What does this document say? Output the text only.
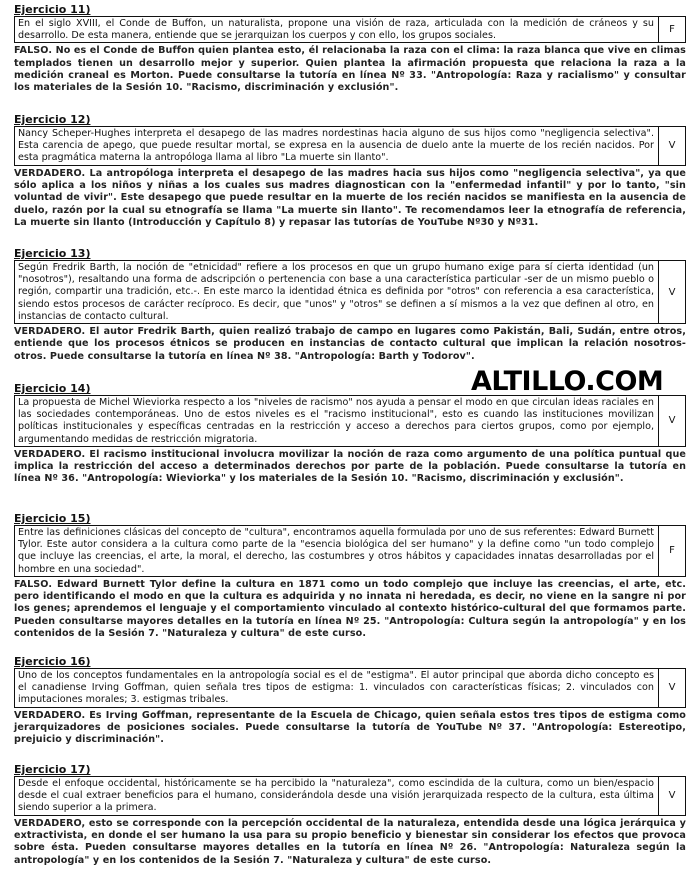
Ejercicio 11)
En el siglo XVIII, el Conde de Buffon, un naturalista, propone una visión de raza, articulada con la medición de cráneos y su desarrollo. De esta manera, entiende que se jerarquizan los cuerpos y con ello, los grupos sociales.
F
FALSO. No es el Conde de Buffon quien plantea esto, él relacionaba la raza con el clima: la raza blanca que vive en climas templados tienen un desarrollo mejor y superior. Quien plantea la afirmación propuesta que relaciona la raza a la medición craneal es Morton. Puede consultarse la tutoría en línea Nº 33. "Antropología: Raza y racialismo" y consultar los materiales de la Sesión 10. "Racismo, discriminación y exclusión".
Ejercicio 12)
Nancy Scheper-Hughes interpreta el desapego de las madres nordestinas hacia alguno de sus hijos como "negligencia selectiva". Esta carencia de apego, que puede resultar mortal, se expresa en la ausencia de duelo ante la muerte de los recién nacidos. Por esta pragmática materna la antropóloga llama al libro "La muerte sin llanto".
V
VERDADERO. La antropóloga interpreta el desapego de las madres hacia sus hijos como "negligencia selectiva", ya que sólo aplica a los niños y niñas a los cuales sus madres diagnostican con la "enfermedad infantil" y por lo tanto, "sin voluntad de vivir". Este desapego que puede resultar en la muerte de los recién nacidos se manifiesta en la ausencia de duelo, razón por la cual su etnografía se llama "La muerte sin llanto". Te recomendamos leer la etnografía de referencia, La muerte sin llanto (Introducción y Capítulo 8) y repasar las tutorías de YouTube Nº30 y Nº31.
Ejercicio 13)
Según Fredrik Barth, la noción de "etnicidad" refiere a los procesos en que un grupo humano exige para sí cierta identidad (un "nosotros"), resaltando una forma de adscripción o pertenencia con base a una característica particular -ser de un mismo pueblo o región, compartir una tradición, etc.-. En este marco la identidad étnica es definida por "otros" con referencia a esa característica, siendo estos procesos de carácter recíproco. Es decir, que "unos" y "otros" se definen a sí mismos a la vez que definen al otro, en instancias de contacto cultural.
V
VERDADERO. El autor Fredrik Barth, quien realizó trabajo de campo en lugares como Pakistán, Bali, Sudán, entre otros, entiende que los procesos étnicos se producen en instancias de contacto cultural que implican la relación nosotros-otros. Puede consultarse la tutoría en línea Nº 38. "Antropología: Barth y Todorov".
ALTILLO.COM
Ejercicio 14)
La propuesta de Michel Wieviorka respecto a los "niveles de racismo" nos ayuda a pensar el modo en que circulan ideas raciales en las sociedades contemporáneas. Uno de estos niveles es el "racismo institucional", esto es cuando las instituciones movilizan políticas institucionales y específicas centradas en la restricción y acceso a derechos para ciertos grupos, como por ejemplo, argumentando medidas de restricción migratoria.
V
VERDADERO. El racismo institucional involucra movilizar la noción de raza como argumento de una política puntual que implica la restricción del acceso a determinados derechos por parte de la población. Puede consultarse la tutoría en línea Nº 36. "Antropología: Wieviorka" y los materiales de la Sesión 10. "Racismo, discriminación y exclusión".
Ejercicio 15)
Entre las definiciones clásicas del concepto de "cultura", encontramos aquella formulada por uno de sus referentes: Edward Burnett Tylor. Este autor considera a la cultura como parte de la "esencia biológica del ser humano" y la define como "un todo complejo que incluye las creencias, el arte, la moral, el derecho, las costumbres y otros hábitos y capacidades innatas desarrolladas por el hombre en una sociedad".
F
FALSO. Edward Burnett Tylor define la cultura en 1871 como un todo complejo que incluye las creencias, el arte, etc. pero identificando el modo en que la cultura es adquirida y no innata ni heredada, es decir, no viene en la sangre ni por los genes; aprendemos el lenguaje y el comportamiento vinculado al contexto histórico-cultural del que formamos parte. Pueden consultarse mayores detalles en la tutoría en línea Nº 25. "Antropología: Cultura según la antropología" y en los contenidos de la Sesión 7. "Naturaleza y cultura" de este curso.
Ejercicio 16)
Uno de los conceptos fundamentales en la antropología social es el de "estigma". El autor principal que aborda dicho concepto es el canadiense Irving Goffman, quien señala tres tipos de estigma: 1. vinculados con características físicas; 2. vinculados con imputaciones morales; 3. estigmas tribales.
V
VERDADERO. Es Irving Goffman, representante de la Escuela de Chicago, quien señala estos tres tipos de estigma como jerarquizadores de posiciones sociales. Puede consultarse la tutoría de YouTube Nº 37. "Antropología: Estereotipo, prejuicio y discriminación".
Ejercicio 17)
Desde el enfoque occidental, históricamente se ha percibido la "naturaleza", como escindida de la cultura, como un bien/espacio desde el cual extraer beneficios para el humano, considerándola desde una visión jerarquizada respecto de la cultura, esta última siendo superior a la primera.
V
VERDADERO, esto se corresponde con la percepción occidental de la naturaleza, entendida desde una lógica jerárquica y extractivista, en donde el ser humano la usa para su propio beneficio y bienestar sin considerar los efectos que provoca sobre ésta. Pueden consultarse mayores detalles en la tutoría en línea Nº 26. "Antropología: Naturaleza según la antropología" y en los contenidos de la Sesión 7. "Naturaleza y cultura" de este curso.
